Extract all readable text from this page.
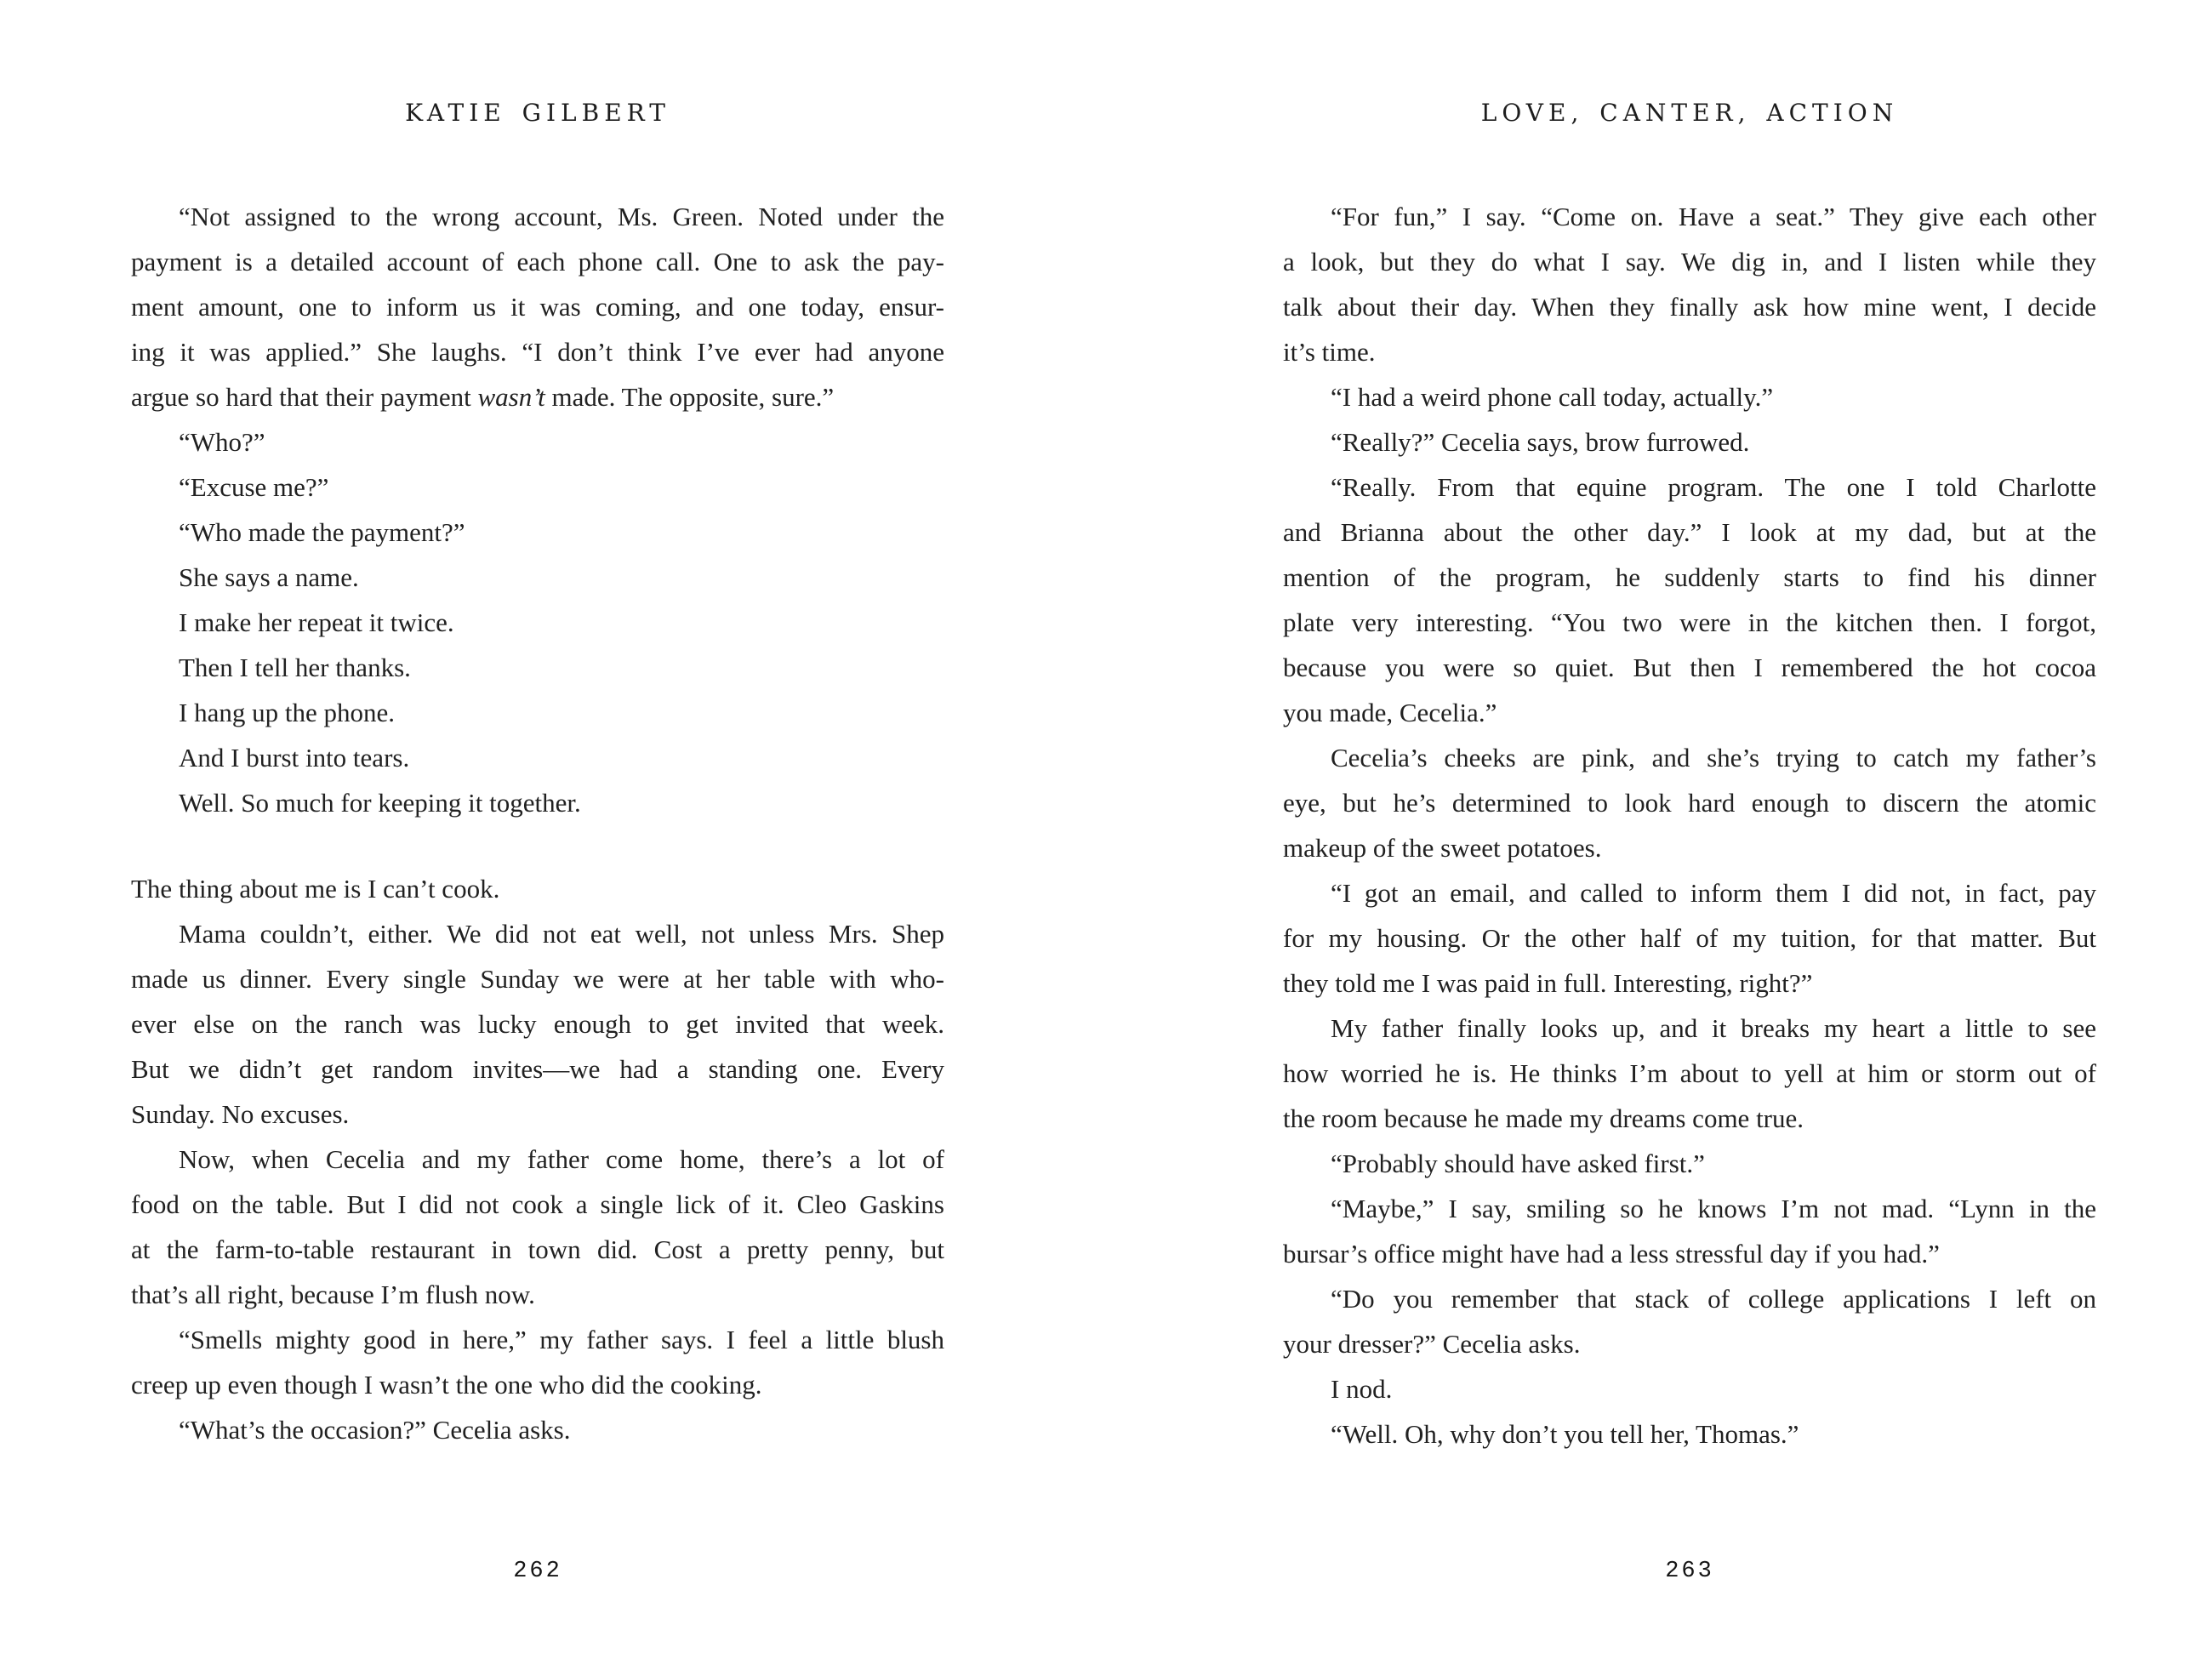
KATIE GILBERT
“Not assigned to the wrong account, Ms. Green. Noted under the
payment is a detailed account of each phone call. One to ask the pay-
ment amount, one to inform us it was coming, and one today, ensur-
ing it was applied.” She laughs. “I don’t think I’ve ever had anyone
argue so hard that their payment wasn’t made. The opposite, sure.”
“Who?”
“Excuse me?”
“Who made the payment?”
She says a name.
I make her repeat it twice.
Then I tell her thanks.
I hang up the phone.
And I burst into tears.
Well. So much for keeping it together.
The thing about me is I can’t cook.
Mama couldn’t, either. We did not eat well, not unless Mrs. Shep
made us dinner. Every single Sunday we were at her table with who-
ever else on the ranch was lucky enough to get invited that week.
But we didn’t get random invites—we had a standing one. Every
Sunday. No excuses.
Now, when Cecelia and my father come home, there’s a lot of
food on the table. But I did not cook a single lick of it. Cleo Gaskins
at the farm-to-table restaurant in town did. Cost a pretty penny, but
that’s all right, because I’m flush now.
“Smells mighty good in here,” my father says. I feel a little blush
creep up even though I wasn’t the one who did the cooking.
“What’s the occasion?” Cecelia asks.
262
LOVE, CANTER, ACTION
“For fun,” I say. “Come on. Have a seat.” They give each other
a look, but they do what I say. We dig in, and I listen while they
talk about their day. When they finally ask how mine went, I decide
it’s time.
“I had a weird phone call today, actually.”
“Really?” Cecelia says, brow furrowed.
“Really. From that equine program. The one I told Charlotte
and Brianna about the other day.” I look at my dad, but at the
mention of the program, he suddenly starts to find his dinner
plate very interesting. “You two were in the kitchen then. I forgot,
because you were so quiet. But then I remembered the hot cocoa
you made, Cecelia.”
Cecelia’s cheeks are pink, and she’s trying to catch my father’s
eye, but he’s determined to look hard enough to discern the atomic
makeup of the sweet potatoes.
“I got an email, and called to inform them I did not, in fact, pay
for my housing. Or the other half of my tuition, for that matter. But
they told me I was paid in full. Interesting, right?”
My father finally looks up, and it breaks my heart a little to see
how worried he is. He thinks I’m about to yell at him or storm out of
the room because he made my dreams come true.
“Probably should have asked first.”
“Maybe,” I say, smiling so he knows I’m not mad. “Lynn in the
bursar’s office might have had a less stressful day if you had.”
“Do you remember that stack of college applications I left on
your dresser?” Cecelia asks.
I nod.
“Well. Oh, why don’t you tell her, Thomas.”
263
